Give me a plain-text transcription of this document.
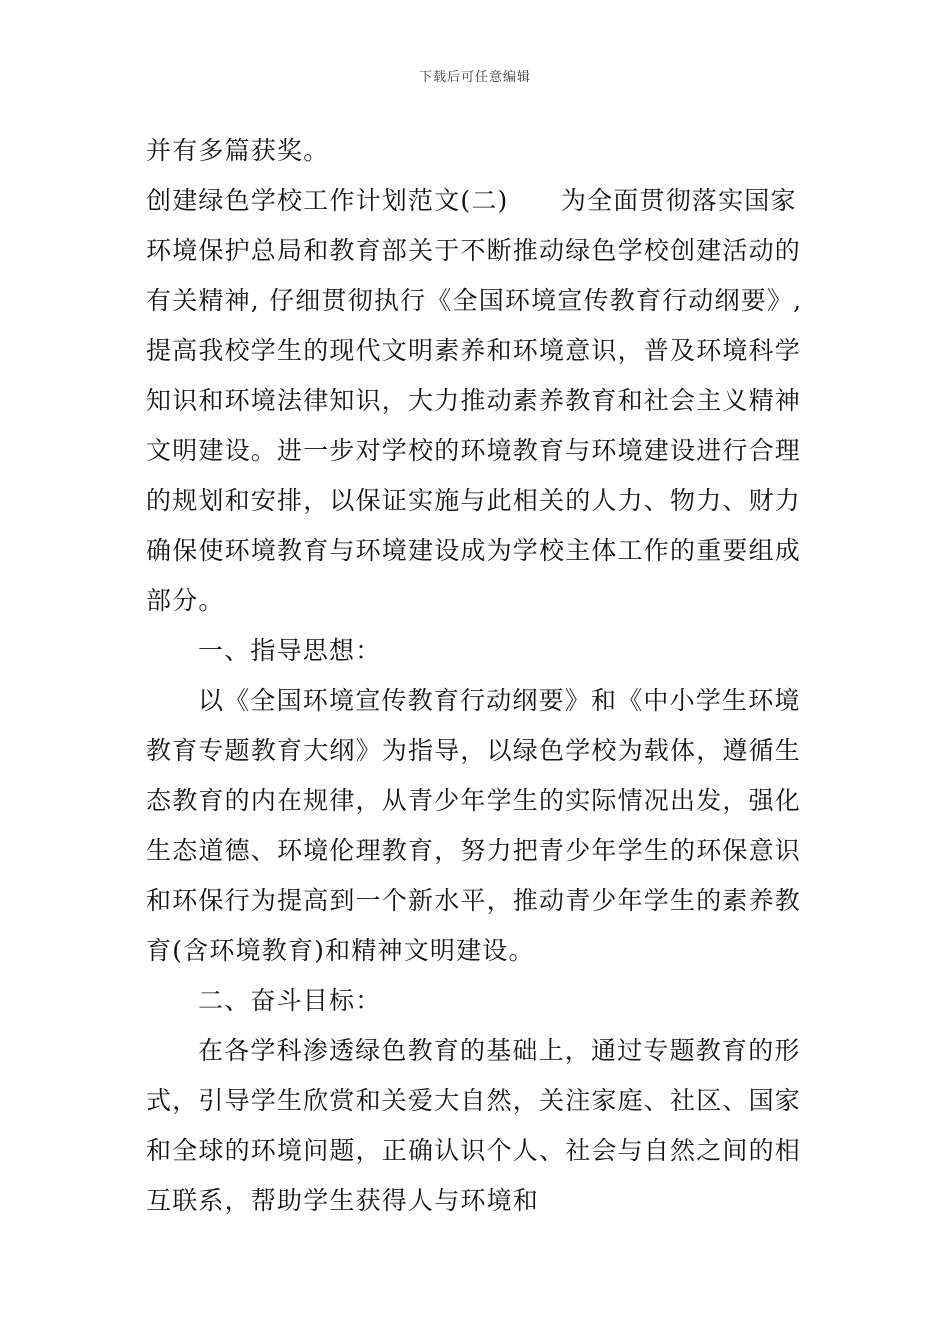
下载后可任意编辑
并有多篇获奖。
创建绿色学校工作计划范文(二)　　为全面贯彻落实国家
环境保护总局和教育部关于不断推动绿色学校创建活动的
有关精神, 仔细贯彻执行《全国环境宣传教育行动纲要》,
提高我校学生的现代文明素养和环境意识，普及环境科学
知识和环境法律知识，大力推动素养教育和社会主义精神
文明建设。进一步对学校的环境教育与环境建设进行合理
的规划和安排，以保证实施与此相关的人力、物力、财力
确保使环境教育与环境建设成为学校主体工作的重要组成
部分。
一、指导思想：
以《全国环境宣传教育行动纲要》和《中小学生环境
教育专题教育大纲》为指导，以绿色学校为载体，遵循生
态教育的内在规律，从青少年学生的实际情况出发，强化
生态道德、环境伦理教育，努力把青少年学生的环保意识
和环保行为提高到一个新水平，推动青少年学生的素养教
育(含环境教育)和精神文明建设。
二、奋斗目标：
在各学科渗透绿色教育的基础上，通过专题教育的形
式，引导学生欣赏和关爱大自然，关注家庭、社区、国家
和全球的环境问题，正确认识个人、社会与自然之间的相
互联系，帮助学生获得人与环境和
